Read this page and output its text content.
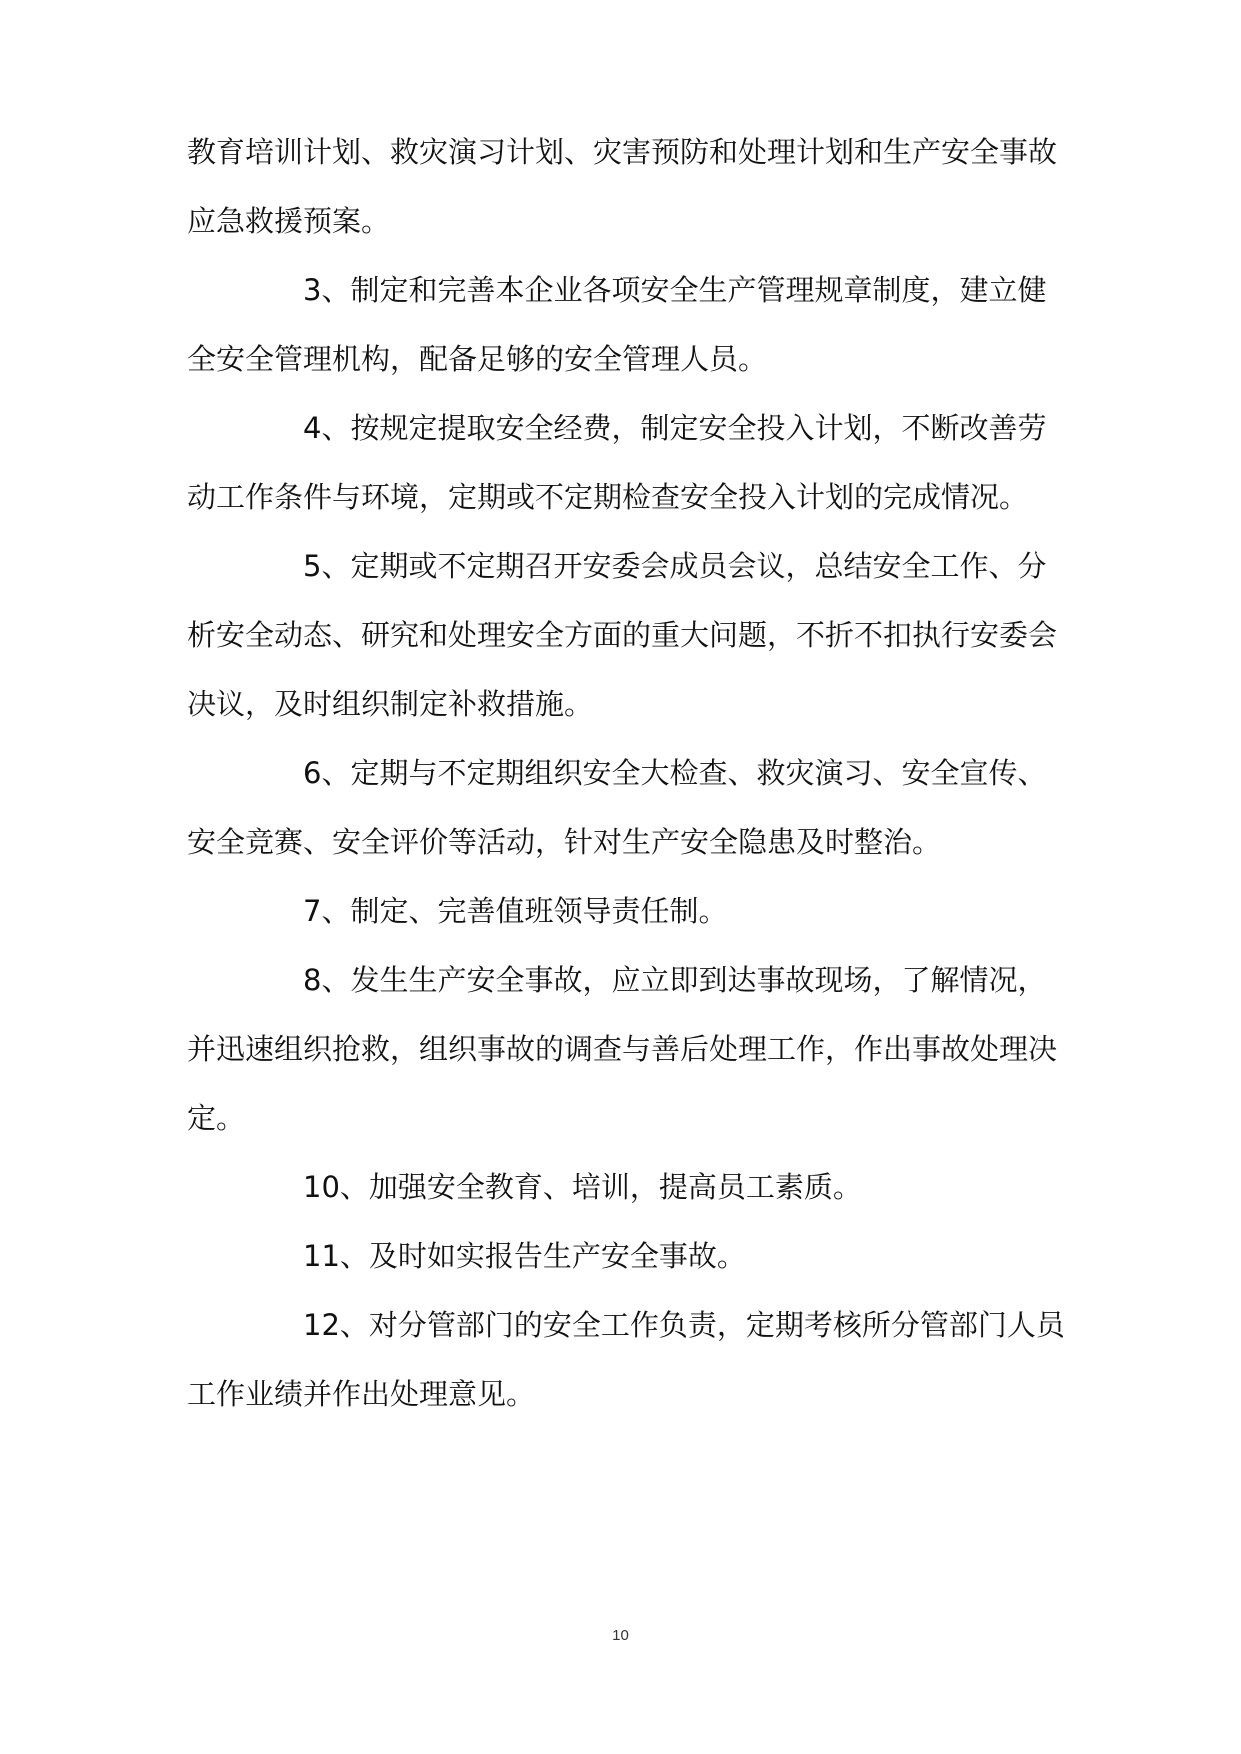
教育培训计划、救灾演习计划、灾害预防和处理计划和生产安全事故

应急救援预案。

3、制定和完善本企业各项安全生产管理规章制度，建立健

全安全管理机构，配备足够的安全管理人员。

4、按规定提取安全经费，制定安全投入计划，不断改善劳

动工作条件与环境，定期或不定期检查安全投入计划的完成情况。

5、定期或不定期召开安委会成员会议，总结安全工作、分

析安全动态、研究和处理安全方面的重大问题，不折不扣执行安委会

决议，及时组织制定补救措施。

6、定期与不定期组织安全大检查、救灾演习、安全宣传、

安全竞赛、安全评价等活动，针对生产安全隐患及时整治。

7、制定、完善值班领导责任制。

8、发生生产安全事故，应立即到达事故现场，了解情况，

并迅速组织抢救，组织事故的调查与善后处理工作，作出事故处理决

定。

10、加强安全教育、培训，提高员工素质。

11、及时如实报告生产安全事故。

12、对分管部门的安全工作负责，定期考核所分管部门人员

工作业绩并作出处理意见。

10
